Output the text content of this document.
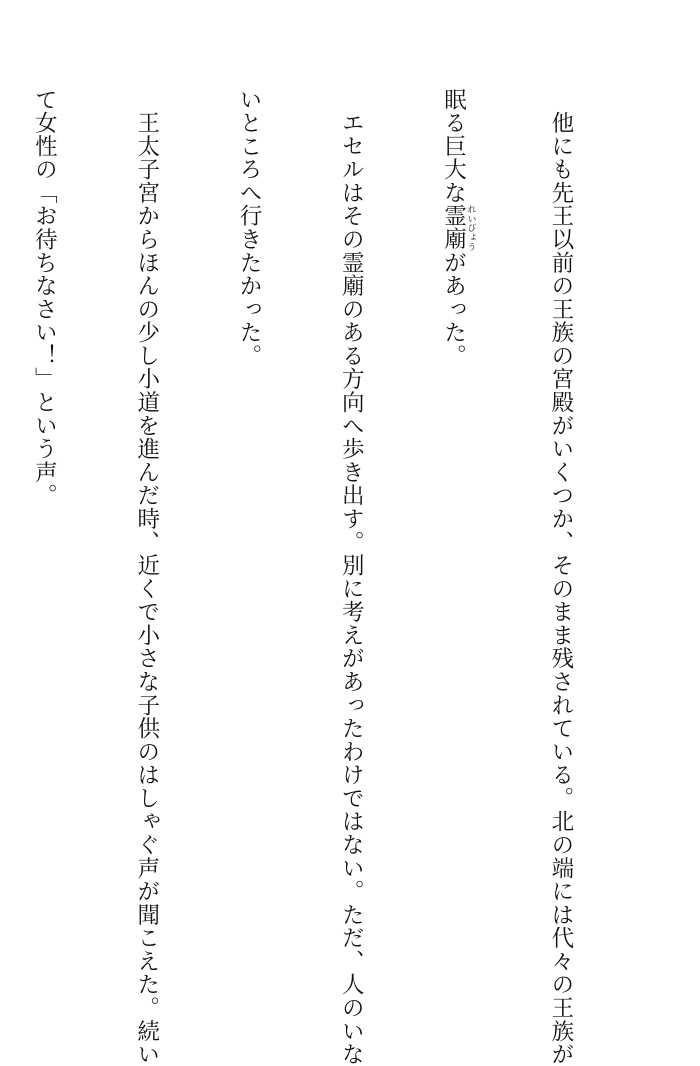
　他にも先王以前の王族の宮殿がいくつか、そのまま残されている。北の端には代々の王族が

眠る巨大な霊廟 れいびょうがあった。

　エセルはその霊廟のある方向へ歩き出す。別に考えがあったわけではない。ただ、人のいな

いところへ行きたかった。

　王太子宮からほんの少し小道を進んだ時、近くで小さな子供のはしゃぐ声が聞こえた。続い

て女性の「お待ちなさい！」という声。
